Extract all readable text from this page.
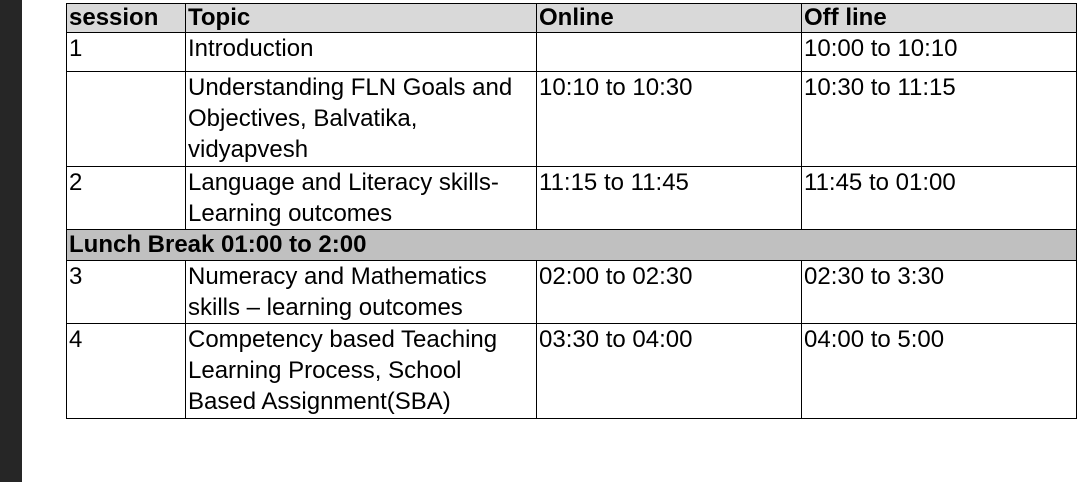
session	Topic	Online	Off line
1	Introduction		10:00 to 10:10
	Understanding FLN Goals and Objectives, Balvatika, vidyapvesh	10:10 to 10:30	10:30 to 11:15
2	Language and Literacy skills-Learning outcomes	11:15 to 11:45	11:45 to 01:00
Lunch Break 01:00 to 2:00			
3	Numeracy and Mathematics skills – learning outcomes	02:00 to 02:30	02:30 to 3:30
4	Competency based Teaching Learning Process, School Based Assignment(SBA)	03:30 to 04:00	04:00 to 5:00
